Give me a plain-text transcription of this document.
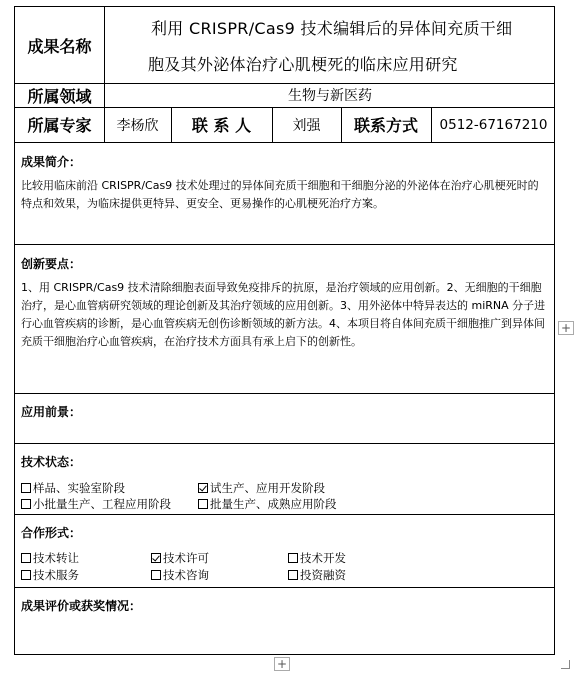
成果名称
利用 CRISPR/Cas9 技术编辑后的异体间充质干细
胞及其外泌体治疗心肌梗死的临床应用研究
所属领域	生物与新医药
所属专家	李杨欣	联 系 人	刘强	联系方式	0512-67167210
成果简介：
比较用临床前沿 CRISPR/Cas9 技术处理过的异体间充质干细胞和干细胞分泌的外泌体在治疗心肌梗死时的特点和效果，为临床提供更特异、更安全、更易操作的心肌梗死治疗方案。
创新要点：
1、用 CRISPR/Cas9 技术清除细胞表面导致免疫排斥的抗原，是治疗领域的应用创新。2、无细胞的干细胞治疗，是心血管病研究领域的理论创新及其治疗领域的应用创新。3、用外泌体中特异表达的 miRNA 分子进行心血管疾病的诊断，是心血管疾病无创伤诊断领域的新方法。4、本项目将自体间充质干细胞推广到异体间充质干细胞治疗心血管疾病，在治疗技术方面具有承上启下的创新性。
应用前景：
技术状态：
样品、实验室阶段	试生产、应用开发阶段
小批量生产、工程应用阶段	批量生产、成熟应用阶段
合作形式：
技术转让	技术许可	技术开发
技术服务	技术咨询	投资融资
成果评价或获奖情况：
+
+
